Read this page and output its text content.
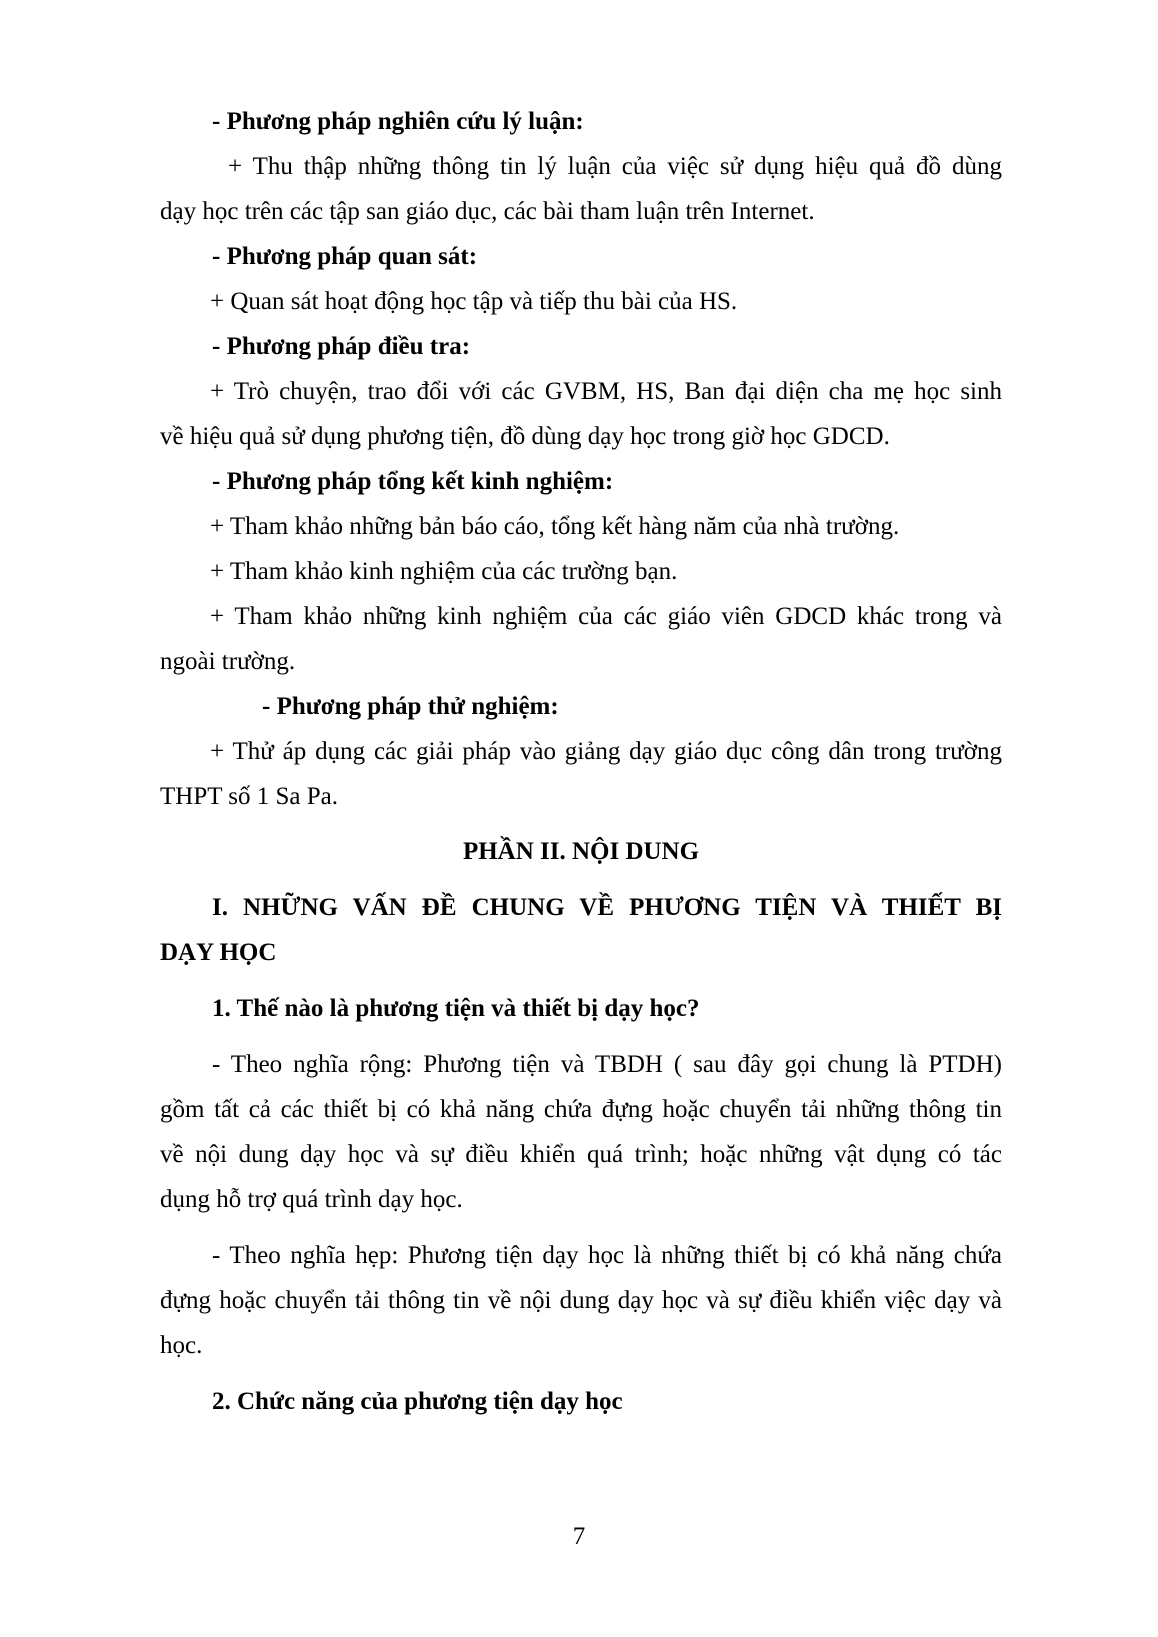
- Phương pháp nghiên cứu lý luận:
+ Thu thập những thông tin lý luận của việc sử dụng hiệu quả đồ dùng
dạy học trên các tập san giáo dục, các bài tham luận trên Internet.
- Phương pháp quan sát:
+ Quan sát hoạt động học tập và tiếp thu bài của HS.
- Phương pháp điều tra:
+ Trò chuyện, trao đổi với các GVBM, HS, Ban đại diện cha mẹ học sinh
về hiệu quả sử dụng phương tiện, đồ dùng dạy học trong giờ học GDCD.
- Phương pháp tổng kết kinh nghiệm:
+ Tham khảo những bản báo cáo, tổng kết hàng năm của nhà trường.
+ Tham khảo kinh nghiệm của các trường bạn.
+ Tham khảo những kinh nghiệm của các giáo viên GDCD khác trong và
ngoài trường.
- Phương pháp thử nghiệm:
+ Thử áp dụng các giải pháp vào giảng dạy giáo dục công dân trong trường
THPT số 1 Sa Pa.
PHẦN II. NỘI DUNG
I. NHỮNG VẤN ĐỀ CHUNG VỀ PHƯƠNG TIỆN VÀ THIẾT BỊ
DẠY HỌC
1. Thế nào là phương tiện và thiết bị dạy học?
- Theo nghĩa rộng: Phương tiện và TBDH ( sau đây gọi chung là PTDH)
gồm tất cả các thiết bị có khả năng chứa đựng hoặc chuyển tải những thông tin
về nội dung dạy học và sự điều khiển quá trình; hoặc những vật dụng có tác
dụng hỗ trợ quá trình dạy học.
- Theo nghĩa hẹp: Phương tiện dạy học là những thiết bị có khả năng chứa
đựng hoặc chuyển tải thông tin về nội dung dạy học và sự điều khiển việc dạy và
học.
2. Chức năng của phương tiện dạy học
7
